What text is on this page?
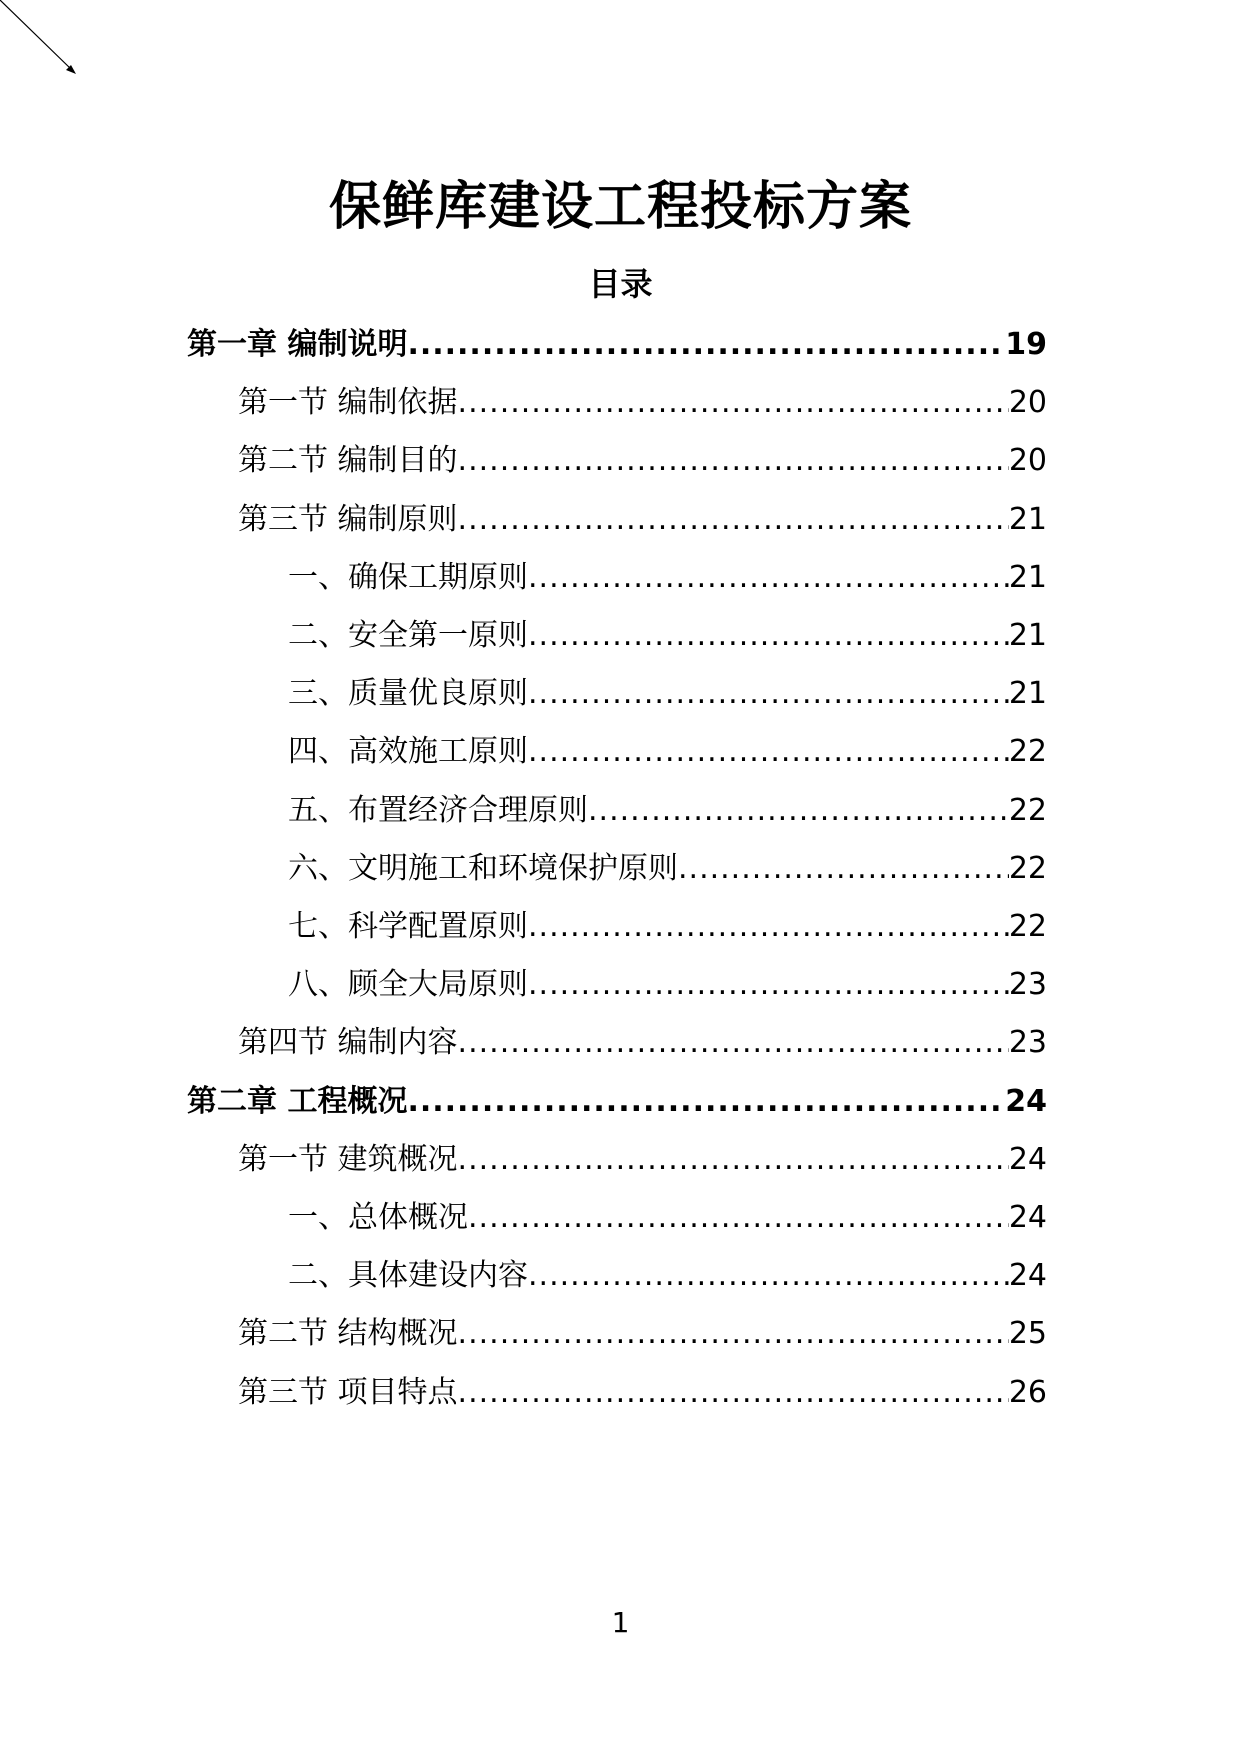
保鲜库建设工程投标方案
目录
第一章 编制说明 .....	19
第一节 编制依据 .....	20
第二节 编制目的 .....	20
第三节 编制原则 .....	21
一、确保工期原则 .....	21
二、安全第一原则 .....	21
三、质量优良原则 .....	21
四、高效施工原则 .....	22
五、布置经济合理原则 .....	22
六、文明施工和环境保护原则 .....	22
七、科学配置原则 .....	22
八、顾全大局原则 .....	23
第四节 编制内容 .....	23
第二章 工程概况 .....	24
第一节 建筑概况 .....	24
一、总体概况 .....	24
二、具体建设内容 .....	24
第二节 结构概况 .....	25
第三节 项目特点 .....	26
1
